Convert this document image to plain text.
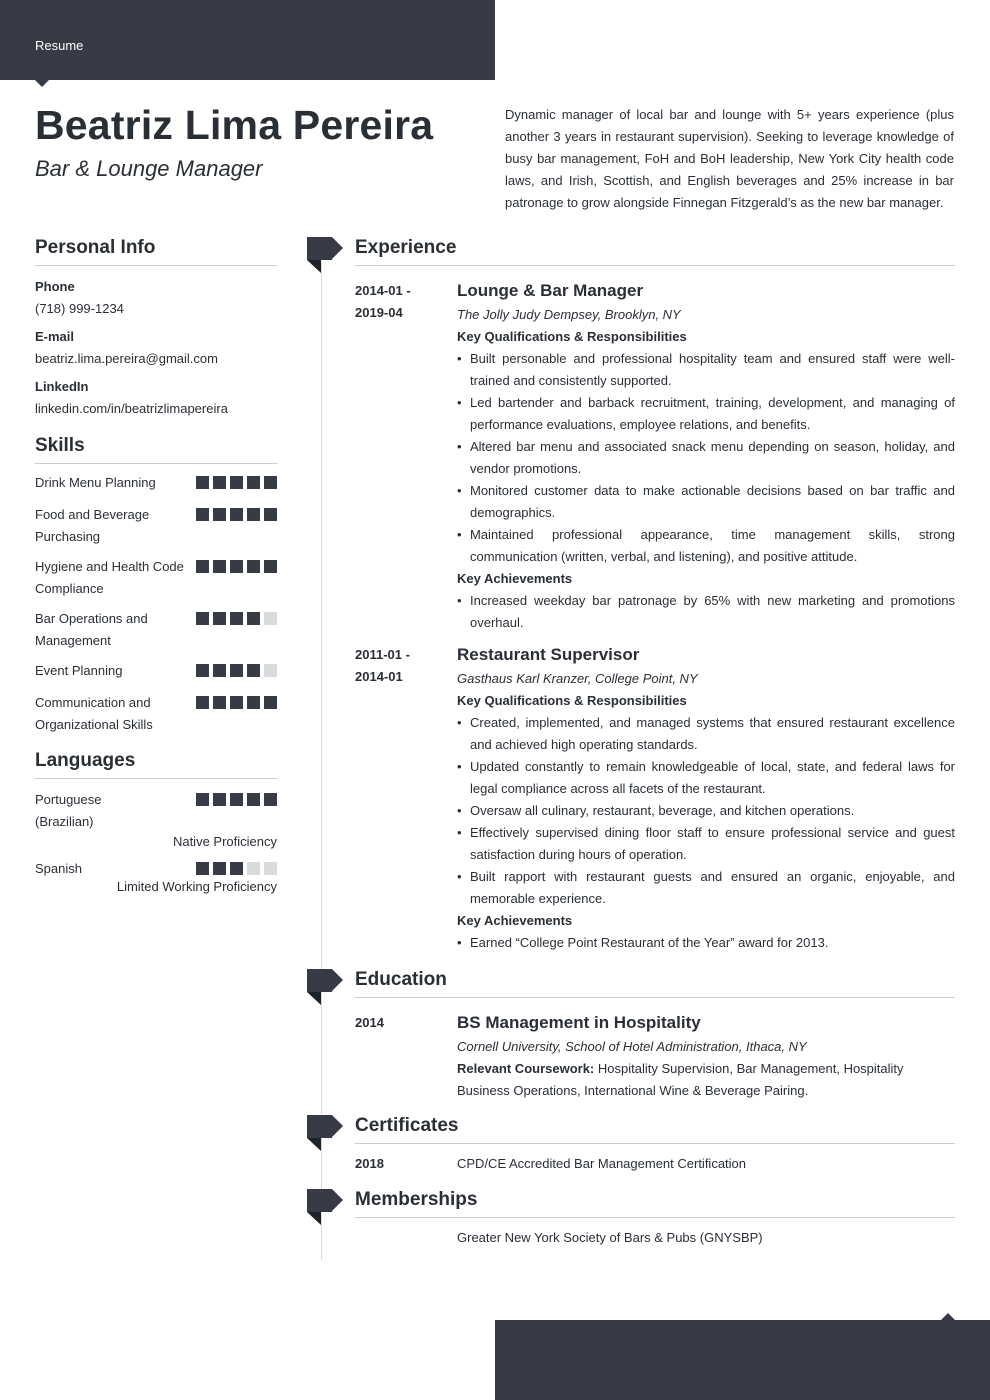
Resume
Beatriz Lima Pereira
Bar & Lounge Manager

Dynamic manager of local bar and lounge with 5+ years experience (plus another 3 years in restaurant supervision). Seeking to leverage knowledge of busy bar management, FoH and BoH leadership, New York City health code laws, and Irish, Scottish, and English beverages and 25% increase in bar patronage to grow alongside Finnegan Fitzgerald’s as the new bar manager.

Personal Info
Phone
(718) 999-1234
E-mail
beatriz.lima.pereira@gmail.com
LinkedIn
linkedin.com/in/beatrizlimapereira
Skills
Drink Menu Planning
Food and Beverage Purchasing
Hygiene and Health Code Compliance
Bar Operations and Management
Event Planning
Communication and Organizational Skills
Languages
Portuguese (Brazilian)
Native Proficiency
Spanish
Limited Working Proficiency
Experience
2014-01 -
2019-04
Lounge & Bar Manager
The Jolly Judy Dempsey, Brooklyn, NY
Key Qualifications & Responsibilities
• Built personable and professional hospitality team and ensured staff were well-trained and consistently supported.
• Led bartender and barback recruitment, training, development, and managing of performance evaluations, employee relations, and benefits.
• Altered bar menu and associated snack menu depending on season, holiday, and vendor promotions.
• Monitored customer data to make actionable decisions based on bar traffic and demographics.
• Maintained professional appearance, time management skills, strong communication (written, verbal, and listening), and positive attitude.
Key Achievements
• Increased weekday bar patronage by 65% with new marketing and promotions overhaul.
2011-01 -
2014-01
Restaurant Supervisor
Gasthaus Karl Kranzer, College Point, NY
Key Qualifications & Responsibilities
• Created, implemented, and managed systems that ensured restaurant excellence and achieved high operating standards.
• Updated constantly to remain knowledgeable of local, state, and federal laws for legal compliance across all facets of the restaurant.
• Oversaw all culinary, restaurant, beverage, and kitchen operations.
• Effectively supervised dining floor staff to ensure professional service and guest satisfaction during hours of operation.
• Built rapport with restaurant guests and ensured an organic, enjoyable, and memorable experience.
Key Achievements
• Earned “College Point Restaurant of the Year” award for 2013.
Education
2014	BS Management in Hospitality
Cornell University, School of Hotel Administration, Ithaca, NY
Relevant Coursework: Hospitality Supervision, Bar Management, Hospitality Business Operations, International Wine & Beverage Pairing.
Certificates
2018	CPD/CE Accredited Bar Management Certification
Memberships
Greater New York Society of Bars & Pubs (GNYSBP)
